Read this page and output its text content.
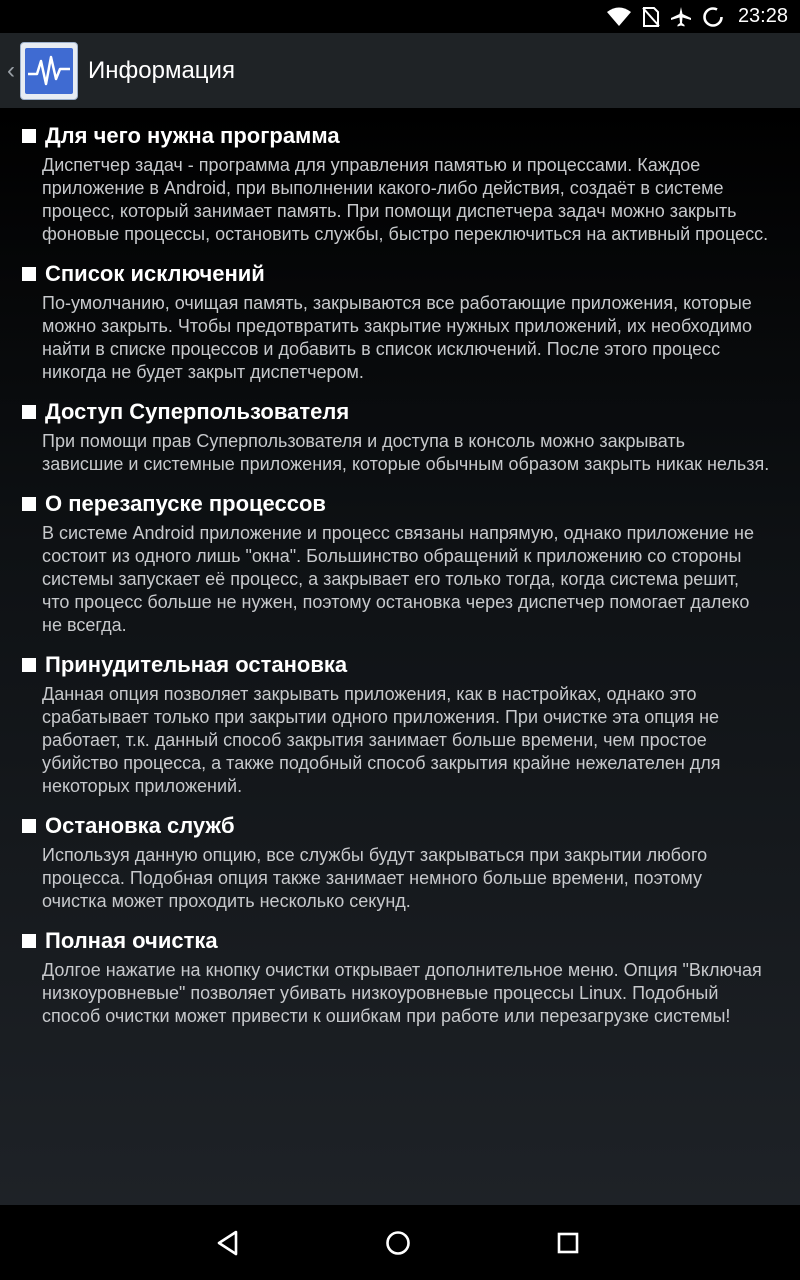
23:28
‹	Информация
Для чего нужна программа
Диспетчер задач - программа для управления памятью и процессами. Каждое приложение в Android, при выполнении какого-либо действия, создаёт в системе процесс, который занимает память. При помощи диспетчера задач можно закрыть фоновые процессы, остановить службы, быстро переключиться на активный процесс.
Список исключений
По-умолчанию, очищая память, закрываются все работающие приложения, которые можно закрыть. Чтобы предотвратить закрытие нужных приложений, их необходимо найти в списке процессов и добавить в список исключений. После этого процесс никогда не будет закрыт диспетчером.
Доступ Суперпользователя
При помощи прав Суперпользователя и доступа в консоль можно закрывать зависшие и системные приложения, которые обычным образом закрыть никак нельзя.
О перезапуске процессов
В системе Android приложение и процесс связаны напрямую, однако приложение не состоит из одного лишь "окна". Большинство обращений к приложению со стороны системы запускает её процесс, а закрывает его только тогда, когда система решит, что процесс больше не нужен, поэтому остановка через диспетчер помогает далеко не всегда.
Принудительная остановка
Данная опция позволяет закрывать приложения, как в настройках, однако это срабатывает только при закрытии одного приложения. При очистке эта опция не работает, т.к. данный способ закрытия занимает больше времени, чем простое убийство процесса, а также подобный способ закрытия крайне нежелателен для некоторых приложений.
Остановка служб
Используя данную опцию, все службы будут закрываться при закрытии любого процесса. Подобная опция также занимает немного больше времени, поэтому очистка может проходить несколько секунд.
Полная очистка
Долгое нажатие на кнопку очистки открывает дополнительное меню. Опция "Включая низкоуровневые" позволяет убивать низкоуровневые процессы Linux. Подобный способ очистки может привести к ошибкам при работе или перезагрузке системы!
